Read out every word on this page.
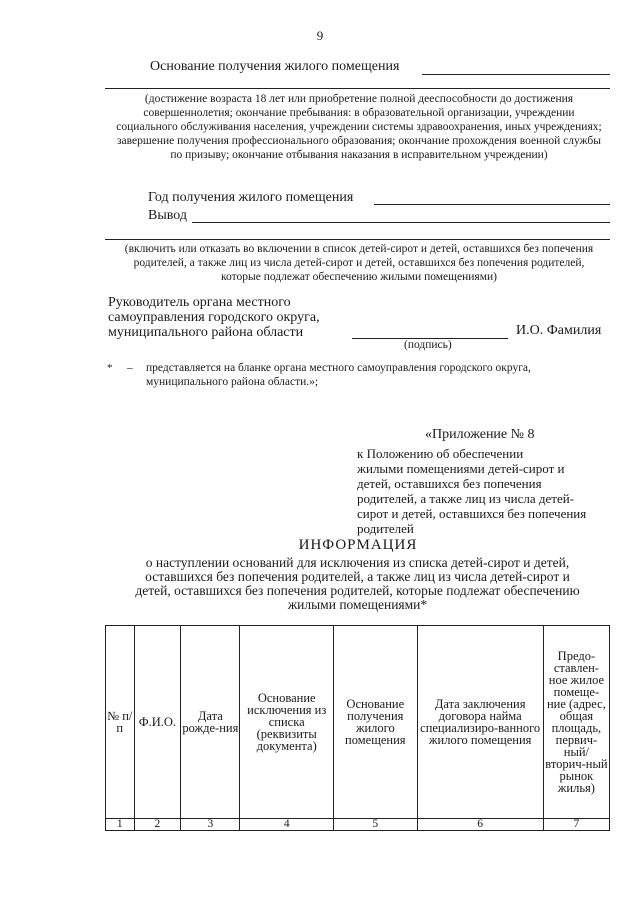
9
Основание получения жилого помещения
(достижение возраста 18 лет или приобретение полной дееспособности до достижения совершеннолетия; окончание пребывания: в образовательной организации, учреждении социального обслуживания населения, учреждении системы здравоохранения, иных учреждениях; завершение получения профессионального образования; окончание прохождения военной службы по призыву; окончание отбывания наказания в исправительном учреждении)
Год получения жилого помещения
Вывод
(включить или отказать во включении в список детей-сирот и детей, оставшихся без попечения родителей, а также лиц из числа детей-сирот и детей, оставшихся без попечения родителей, которые подлежат обеспечению жилыми помещениями)
Руководитель органа местного
самоуправления городского округа,
муниципального района области	И.О. Фамилия
(подпись)
* – представляется на бланке органа местного самоуправления городского округа,
муниципального района области.»;
«Приложение № 8
к Положению об обеспечении
жилыми помещениями детей-сирот и
детей, оставшихся без попечения
родителей, а также лиц из числа детей-
сирот и детей, оставшихся без попечения
родителей
ИНФОРМАЦИЯ
о наступлении оснований для исключения из списка детей-сирот и детей,
оставшихся без попечения родителей, а также лиц из числа детей-сирот и
детей, оставшихся без попечения родителей, которые подлежат обеспечению
жилыми помещениями*
№ п/п	Ф.И.О.	Дата рожде-ния	Основание исключения из списка (реквизиты документа)	Основание получения жилого помещения	Дата заключения договора найма специализиро-ванного жилого помещения	Предо-ставлен-ное жилое помеще-ние (адрес, общая площадь, первич-ный/ вторич-ный рынок жилья)
1	2	3	4	5	6	7
